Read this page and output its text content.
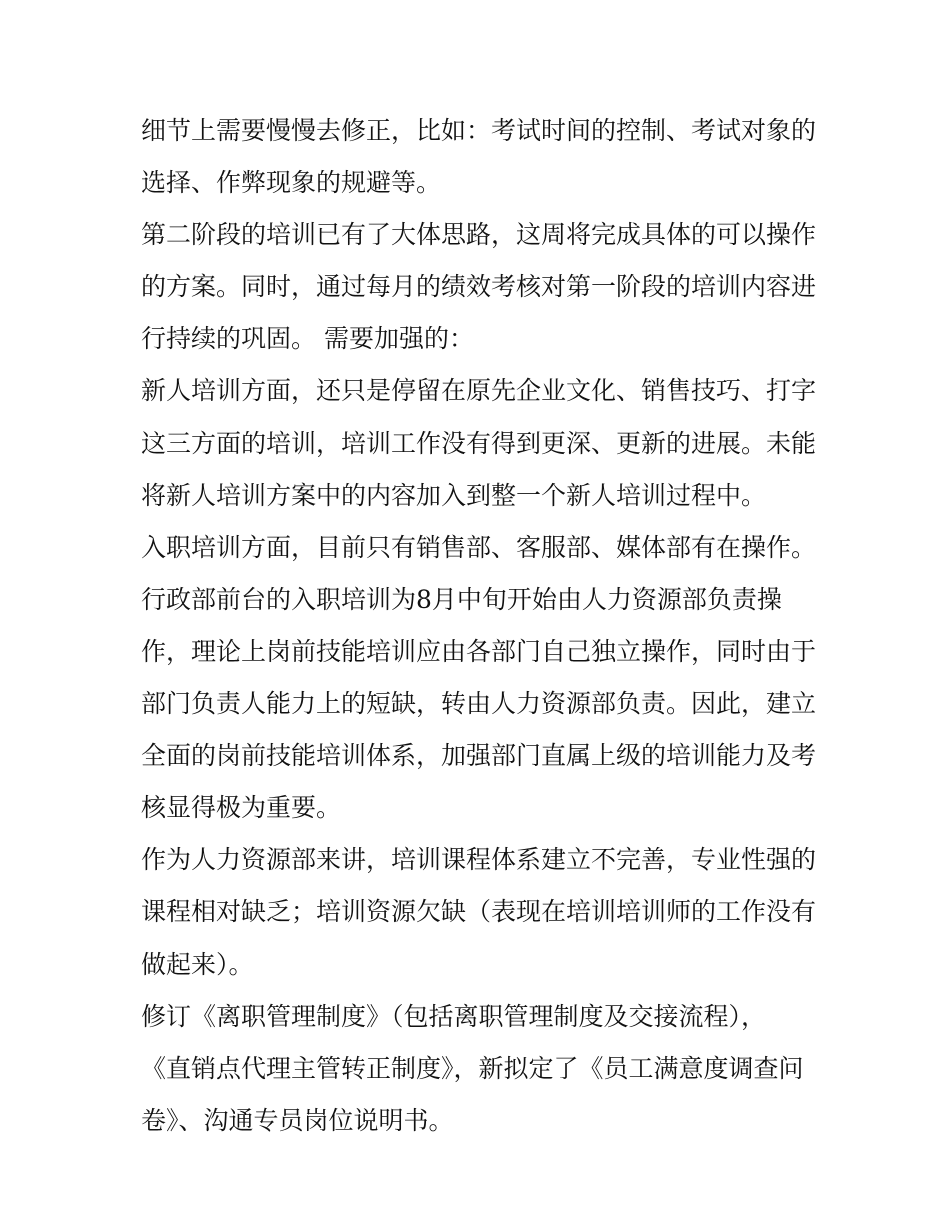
细节上需要慢慢去修正，比如：考试时间的控制、考试对象的
选择、作弊现象的规避等。
第二阶段的培训已有了大体思路，这周将完成具体的可以操作
的方案。同时，通过每月的绩效考核对第一阶段的培训内容进
行持续的巩固。 需要加强的：
新人培训方面，还只是停留在原先企业文化、销售技巧、打字
这三方面的培训，培训工作没有得到更深、更新的进展。未能
将新人培训方案中的内容加入到整一个新人培训过程中。
入职培训方面，目前只有销售部、客服部、媒体部有在操作。
行政部前台的入职培训为8月中旬开始由人力资源部负责操
作，理论上岗前技能培训应由各部门自己独立操作，同时由于
部门负责人能力上的短缺，转由人力资源部负责。因此，建立
全面的岗前技能培训体系，加强部门直属上级的培训能力及考
核显得极为重要。
作为人力资源部来讲，培训课程体系建立不完善，专业性强的
课程相对缺乏；培训资源欠缺（表现在培训培训师的工作没有
做起来）。
修订《离职管理制度》（包括离职管理制度及交接流程），
《直销点代理主管转正制度》，新拟定了《员工满意度调查问
卷》、沟通专员岗位说明书。
